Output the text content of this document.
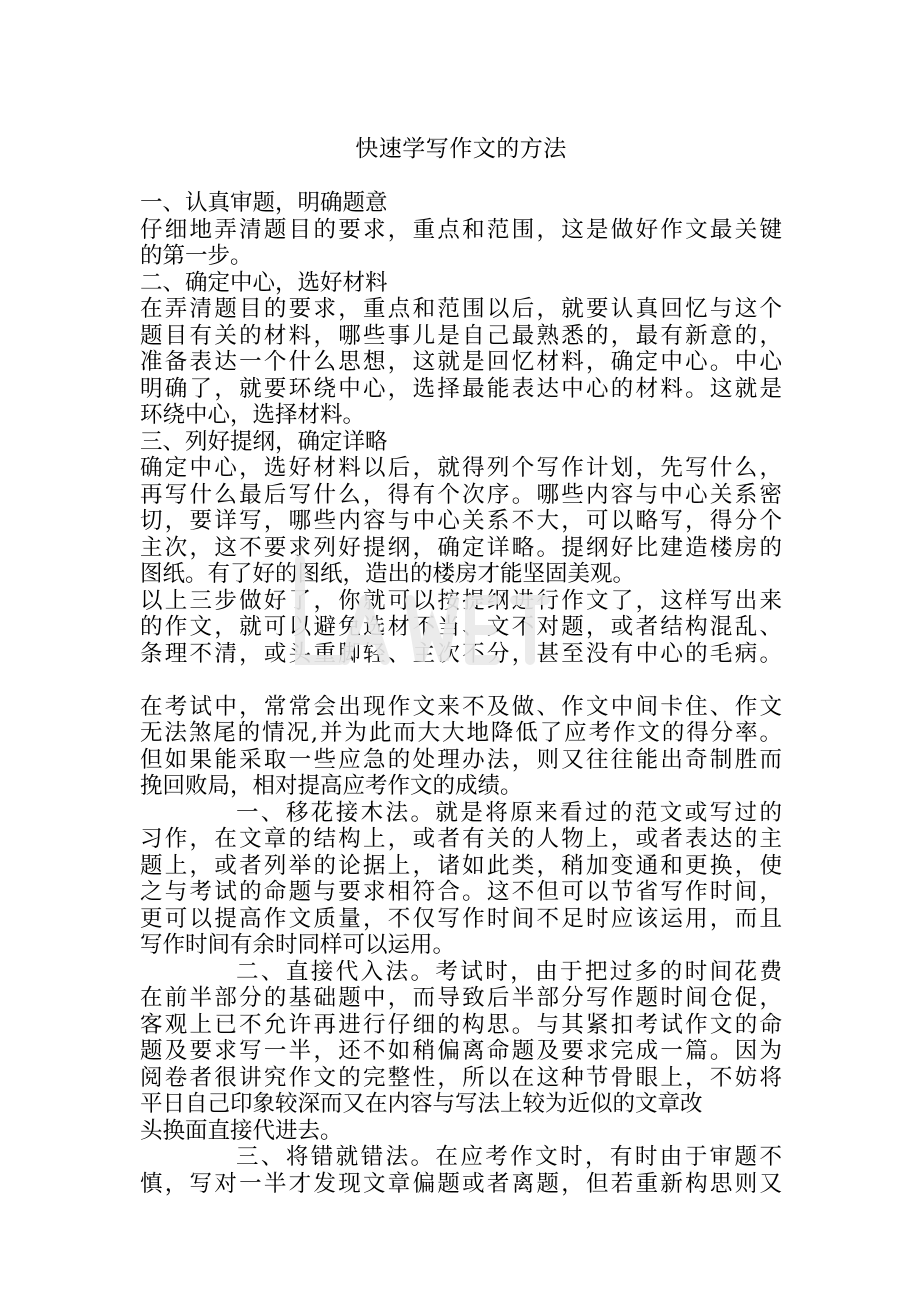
快速学写作文的方法
一、认真审题，明确题意
仔细地弄清题目的要求，重点和范围，这是做好作文最关键
的第一步。
二、确定中心，选好材料
在弄清题目的要求，重点和范围以后，就要认真回忆与这个
题目有关的材料，哪些事儿是自己最熟悉的，最有新意的，
准备表达一个什么思想，这就是回忆材料，确定中心。中心
明确了，就要环绕中心，选择最能表达中心的材料。这就是
环绕中心，选择材料。
三、列好提纲，确定详略
确定中心，选好材料以后，就得列个写作计划，先写什么，
再写什么最后写什么，得有个次序。哪些内容与中心关系密
切，要详写，哪些内容与中心关系不大，可以略写，得分个
主次，这不要求列好提纲，确定详略。提纲好比建造楼房的
图纸。有了好的图纸，造出的楼房才能坚固美观。
以上三步做好了，你就可以按提纲进行作文了，这样写出来
的作文，就可以避免选材不当、文不对题，或者结构混乱、
条理不清，或头重脚轻、主次不分，甚至没有中心的毛病。
在考试中，常常会出现作文来不及做、作文中间卡住、作文
无法煞尾的情况,并为此而大大地降低了应考作文的得分率。
但如果能采取一些应急的处理办法，则又往往能出奇制胜而
挽回败局，相对提高应考作文的成绩。
一、移花接木法。就是将原来看过的范文或写过的
习作，在文章的结构上，或者有关的人物上，或者表达的主
题上，或者列举的论据上，诸如此类，稍加变通和更换，使
之与考试的命题与要求相符合。这不但可以节省写作时间，
更可以提高作文质量，不仅写作时间不足时应该运用，而且
写作时间有余时同样可以运用。
二、直接代入法。考试时，由于把过多的时间花费
在前半部分的基础题中，而导致后半部分写作题时间仓促，
客观上已不允许再进行仔细的构思。与其紧扣考试作文的命
题及要求写一半，还不如稍偏离命题及要求完成一篇。因为
阅卷者很讲究作文的完整性，所以在这种节骨眼上，不妨将
平日自己印象较深而又在内容与写法上较为近似的文章改
头换面直接代进去。
三、将错就错法。在应考作文时，有时由于审题不
慎，写对一半才发现文章偏题或者离题，但若重新构思则又
